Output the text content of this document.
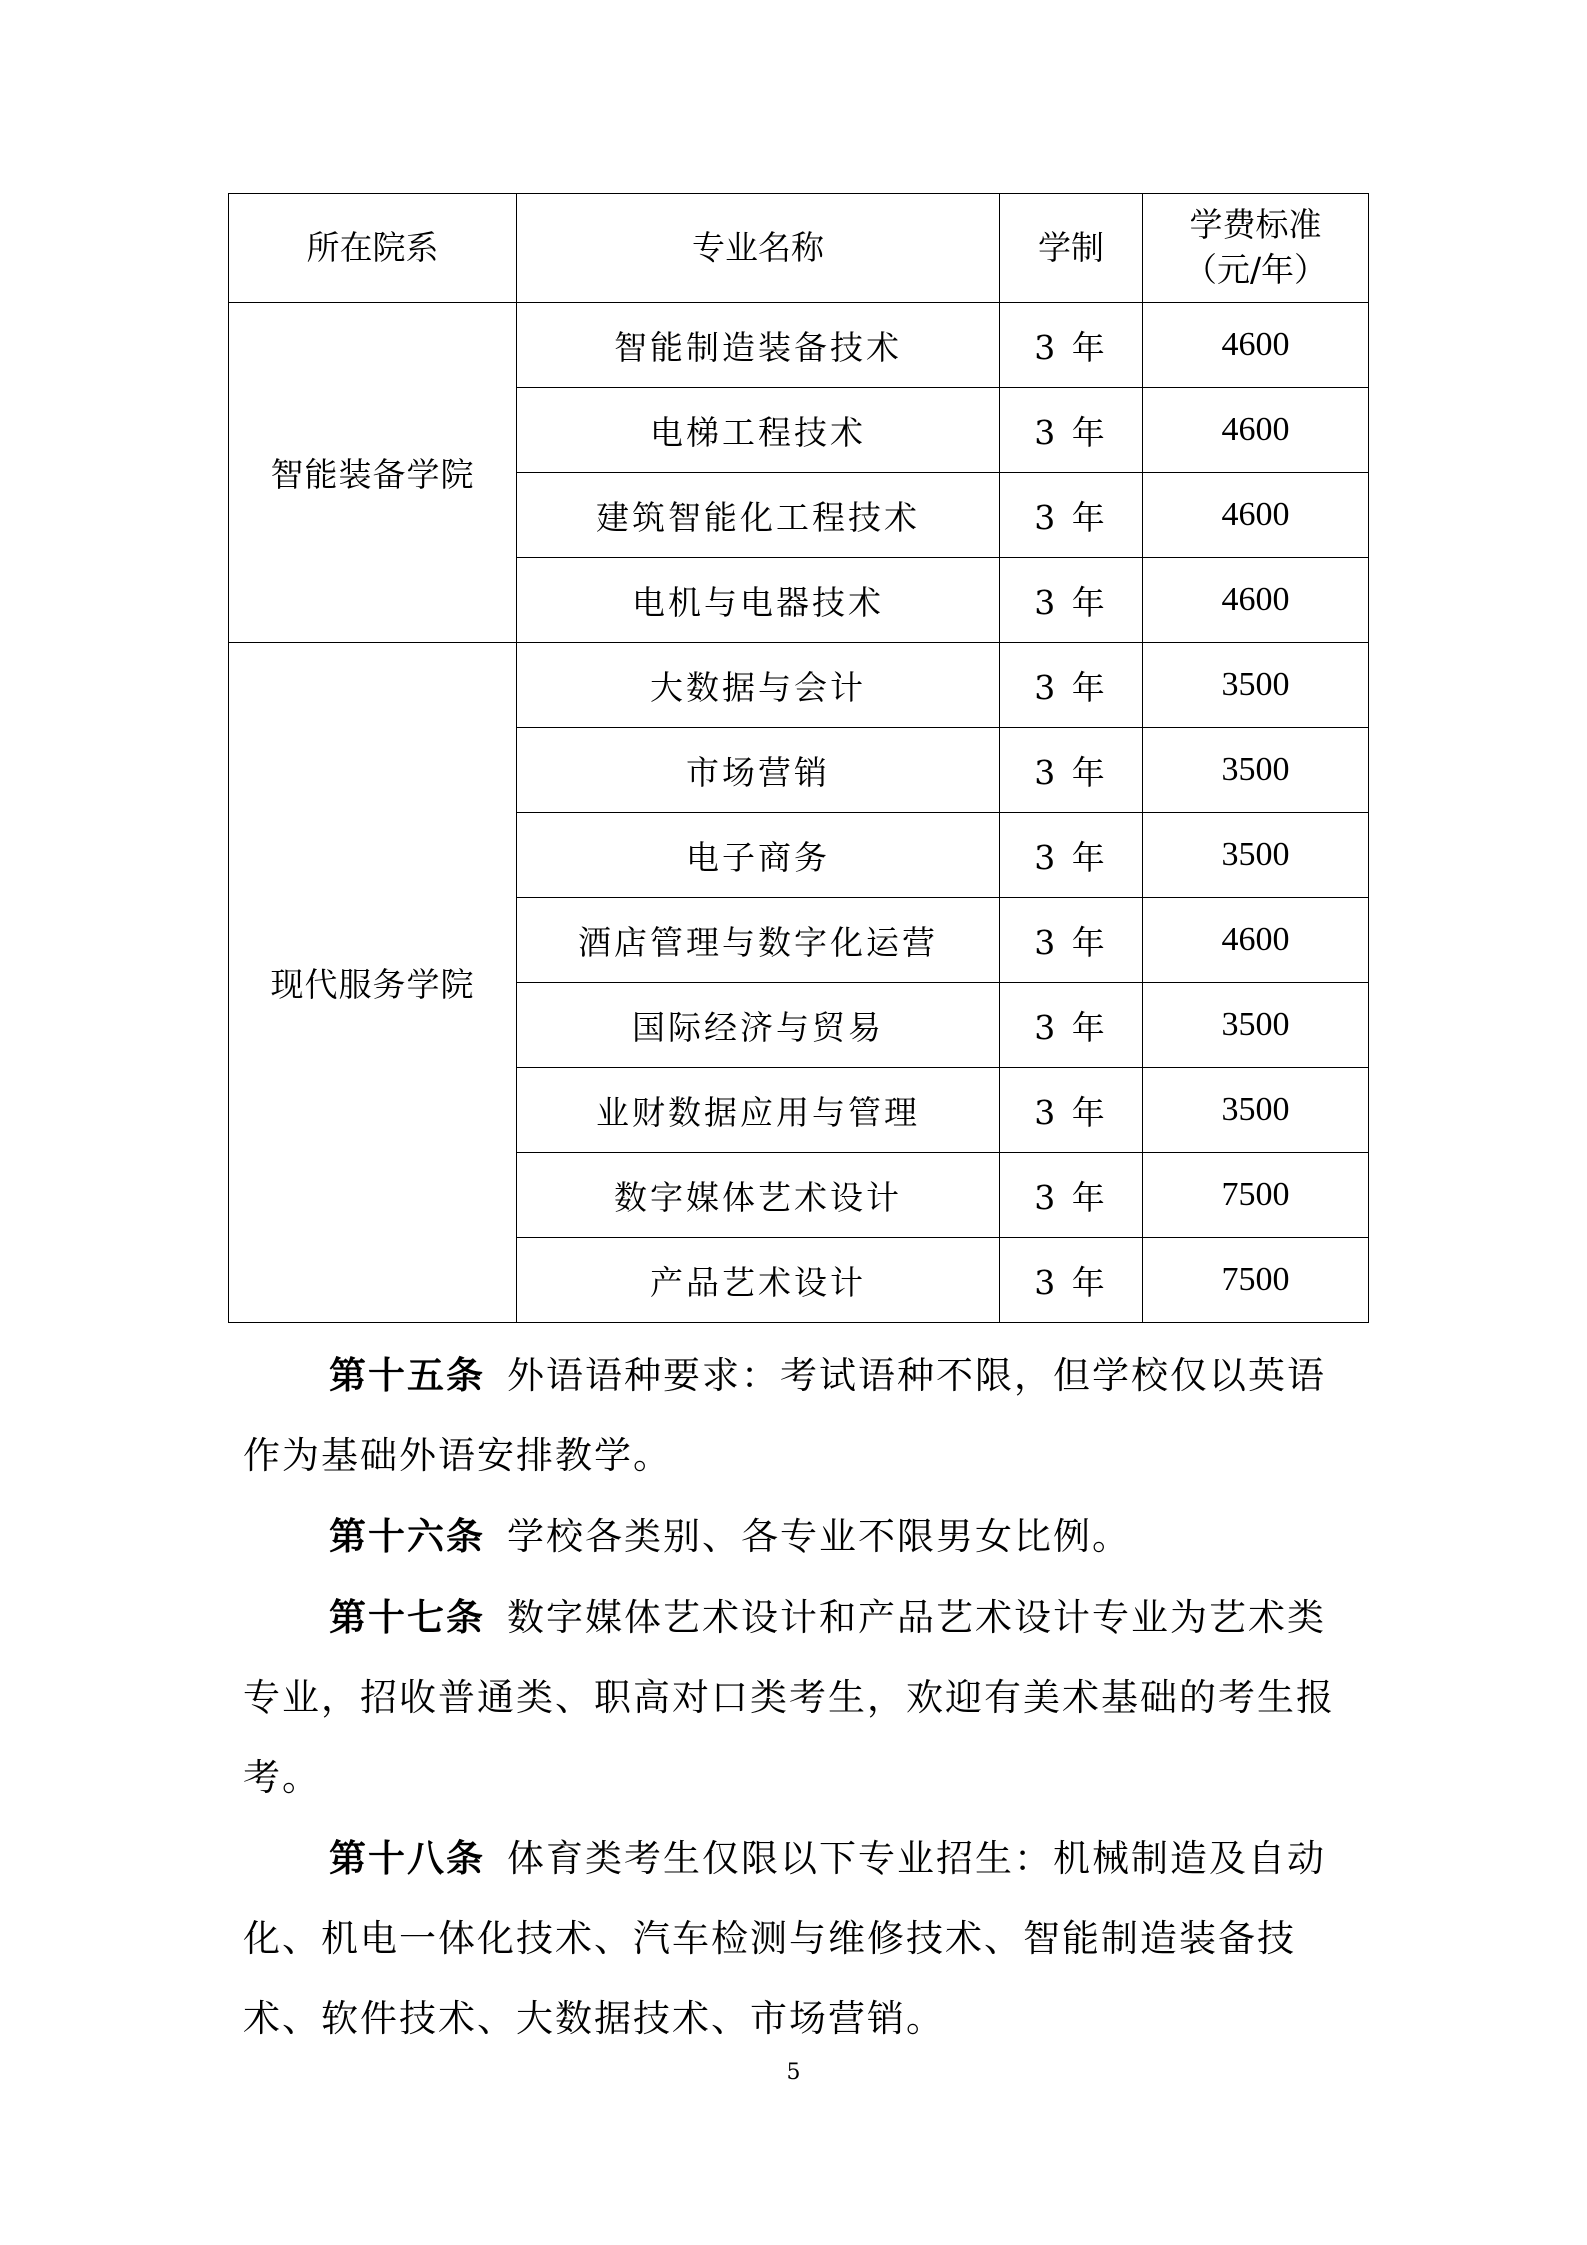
所在院系	专业名称	学制	学费标准
（元/年）

智能装备学院	智能制造装备技术	3 年	4600
	电梯工程技术	3 年	4600
	建筑智能化工程技术	3 年	4600
	电机与电器技术	3 年	4600
现代服务学院	大数据与会计	3 年	3500
	市场营销	3 年	3500
	电子商务	3 年	3500
	酒店管理与数字化运营	3 年	4600
	国际经济与贸易	3 年	3500
	业财数据应用与管理	3 年	3500
	数字媒体艺术设计	3 年	7500
	产品艺术设计	3 年	7500

第十五条 外语语种要求：考试语种不限，但学校仅以英语作为基础外语安排教学。

第十六条 学校各类别、各专业不限男女比例。

第十七条 数字媒体艺术设计和产品艺术设计专业为艺术类专业，招收普通类、职高对口类考生，欢迎有美术基础的考生报考。

第十八条 体育类考生仅限以下专业招生：机械制造及自动化、机电一体化技术、汽车检测与维修技术、智能制造装备技术、软件技术、大数据技术、市场营销。

5
